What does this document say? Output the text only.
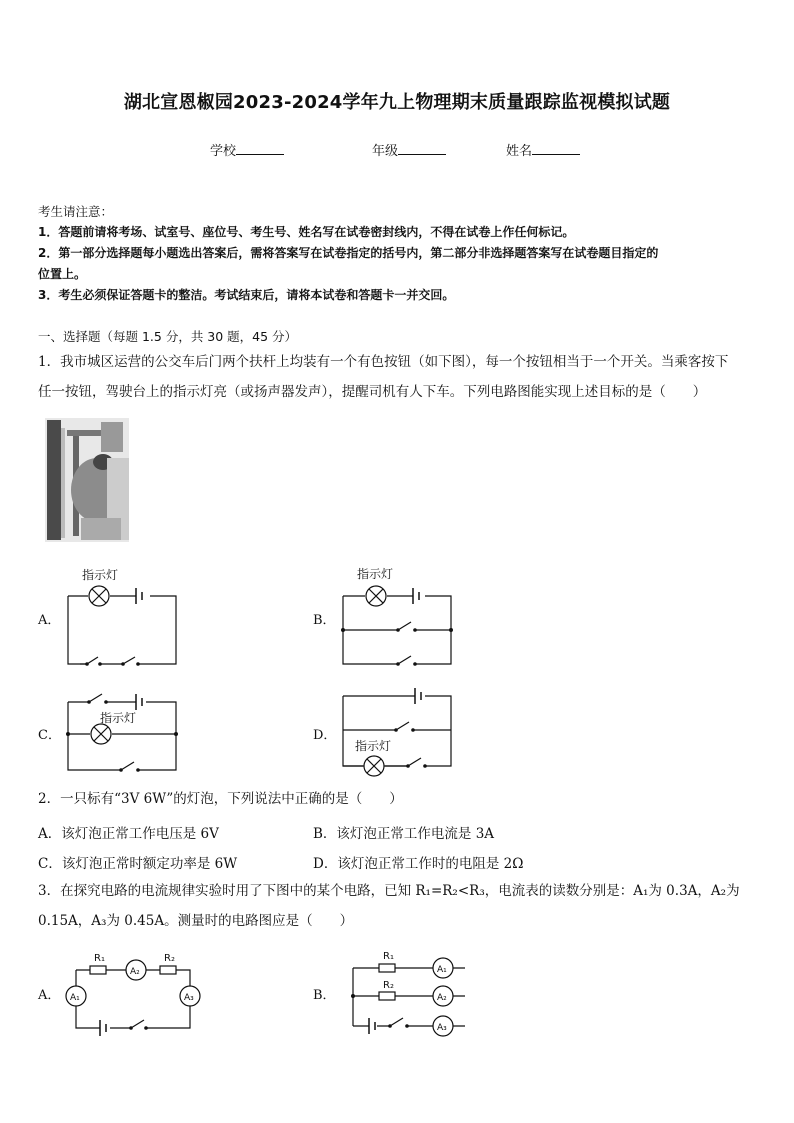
湖北宣恩椒园2023-2024学年九上物理期末质量跟踪监视模拟试题
学校	年级	姓名
考生请注意：
1．答题前请将考场、试室号、座位号、考生号、姓名写在试卷密封线内，不得在试卷上作任何标记。
2．第一部分选择题每小题选出答案后，需将答案写在试卷指定的括号内，第二部分非选择题答案写在试卷题目指定的
位置上。
3．考生必须保证答题卡的整洁。考试结束后，请将本试卷和答题卡一并交回。
一、选择题（每题 1.5 分，共 30 题，45 分）
1．我市城区运营的公交车后门两个扶杆上均装有一个有色按钮（如下图），每一个按钮相当于一个开关。当乘客按下
任一按钮，驾驶台上的指示灯亮（或扬声器发声），提醒司机有人下车。下列电路图能实现上述目标的是（　　）
A．	B．
C．	D．
指示灯	指示灯
指示灯
指示灯
2．一只标有“3V 6W”的灯泡，下列说法中正确的是（　　）
A．该灯泡正常工作电压是 6V	B．该灯泡正常工作电流是 3A
C．该灯泡正常时额定功率是 6W	D．该灯泡正常工作时的电阻是 2Ω
3．在探究电路的电流规律实验时用了下图中的某个电路，已知 R₁=R₂<R₃，电流表的读数分别是：A₁为 0.3A，A₂为
0.15A，A₃为 0.45A。测量时的电路图应是（　　）
A．	B．
R₁	R₂
A₂
A₁	A₃
R₁
R₂
A₁
A₂
A₃
